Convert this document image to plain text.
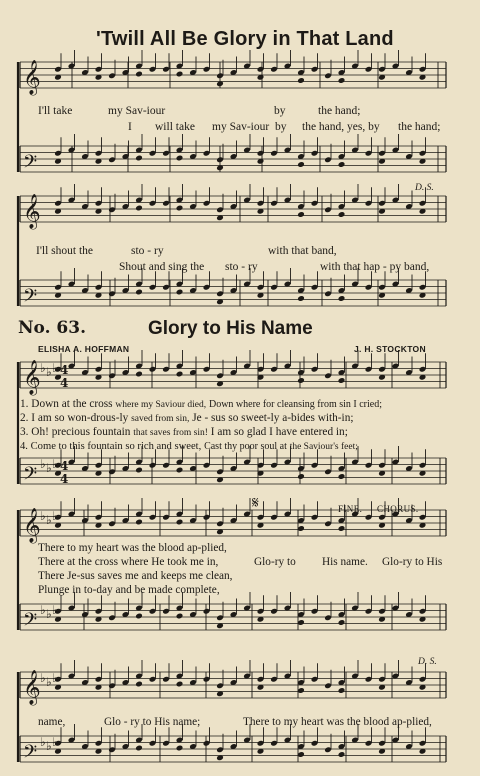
𝄞
𝄢
𝄞
𝄢
𝄞
𝄢
𝄞
𝄢
𝄞
𝄢
♭ ♭ ♭
♭ ♭ ♭
♭ ♭ ♭
♭ ♭ ♭
♭ ♭ ♭
♭ ♭ ♭
4
4
4
4
𝄋
'Twill All Be Glory in That Land
I'll take	my Sav-iour	by	the hand;
I will take my Sav-iour by the hand, yes, by the hand;
D. S.
I'll shout the	sto - ry	with that band,
Shout and sing the sto - ry	with that hap - py band,
No. 63.	Glory to His Name
ELISHA A. HOFFMAN	J. H. STOCKTON
1. Down at the cross where my Saviour died, Down where for cleansing from sin I cried;
2. I am so won-drous-ly saved from sin, Je - sus so sweet-ly a-bides with-in;
3. Oh! precious fountain that saves from sin! I am so glad I have entered in;
4. Come to this fountain so rich and sweet, Cast thy poor soul at the Saviour's feet;
FINE. CHORUS.
There to my heart was the blood ap-plied,
There at the cross where He took me in,
There Je-sus saves me and keeps me clean,
Plunge in to-day and be made complete,
Glo-ry to His name. Glo-ry to His
D. S.
name,	Glo - ry to His name;	There to my heart was the blood ap-plied,
